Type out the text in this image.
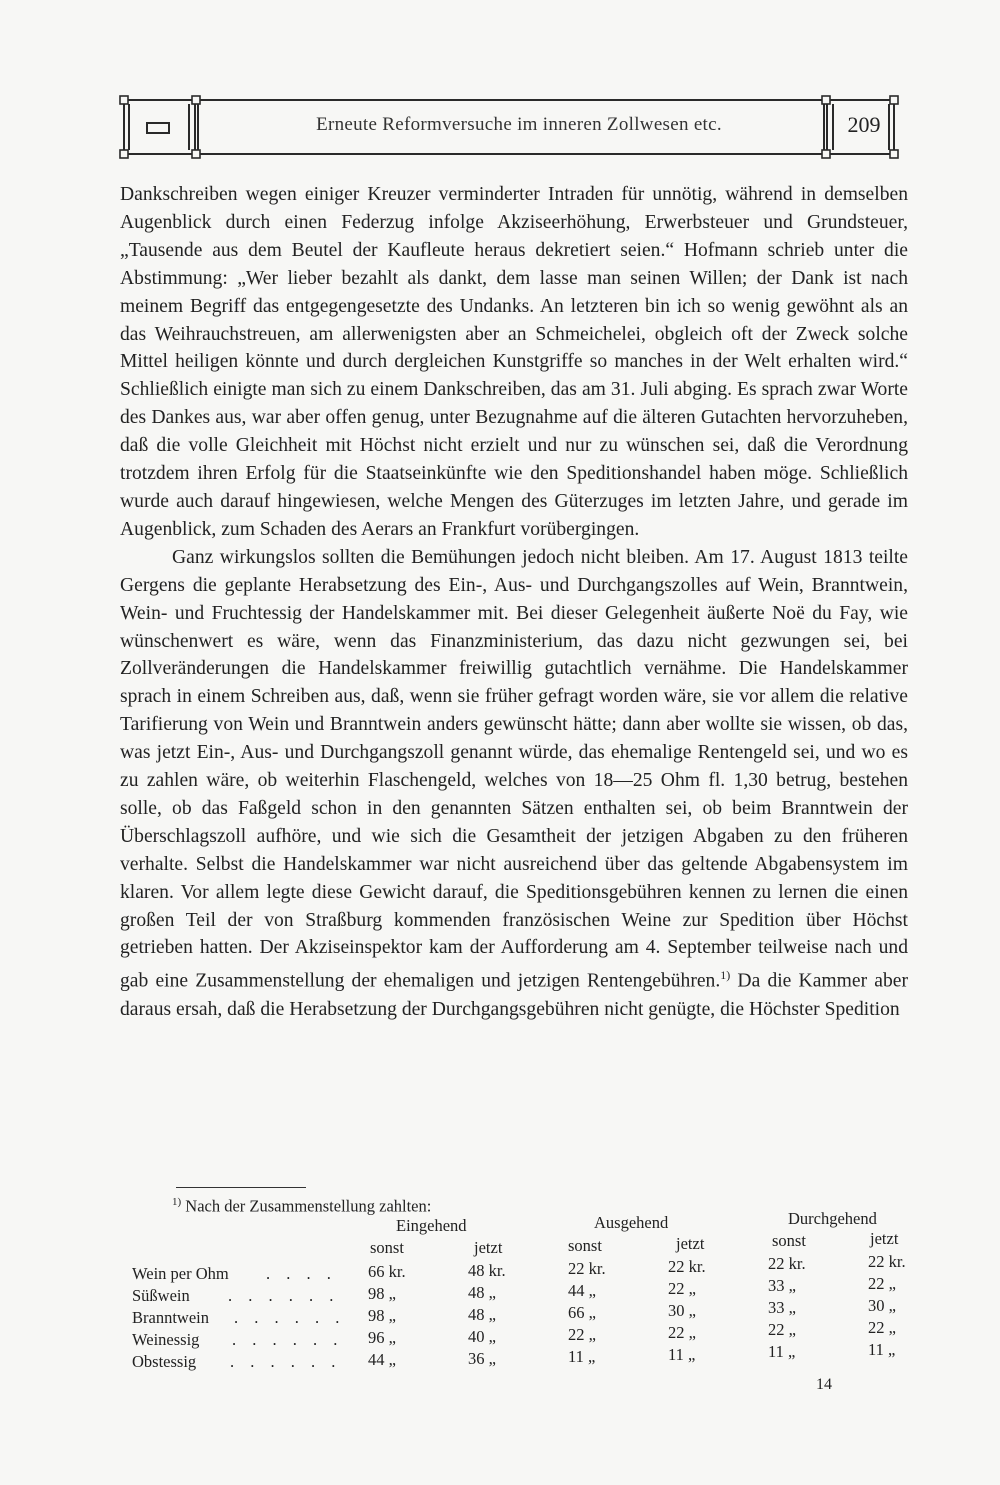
Erneute Reformversuche im inneren Zollwesen etc.	209

Dankschreiben wegen einiger Kreuzer verminderter Intraden für unnötig, während in demselben Augenblick durch einen Federzug infolge Akziseerhöhung, Erwerbsteuer und Grundsteuer, „Tausende aus dem Beutel der Kaufleute heraus dekretiert seien.“ Hofmann schrieb unter die Abstimmung: „Wer lieber bezahlt als dankt, dem lasse man seinen Willen; der Dank ist nach meinem Begriff das entgegengesetzte des Undanks. An letzteren bin ich so wenig gewöhnt als an das Weihrauchstreuen, am allerwenigsten aber an Schmeichelei, obgleich oft der Zweck solche Mittel heiligen könnte und durch dergleichen Kunstgriffe so manches in der Welt erhalten wird.“ Schließlich einigte man sich zu einem Dankschreiben, das am 31. Juli abging. Es sprach zwar Worte des Dankes aus, war aber offen genug, unter Bezugnahme auf die älteren Gutachten hervorzuheben, daß die volle Gleichheit mit Höchst nicht erzielt und nur zu wünschen sei, daß die Verordnung trotzdem ihren Erfolg für die Staatseinkünfte wie den Speditionshandel haben möge. Schließlich wurde auch darauf hingewiesen, welche Mengen des Güterzuges im letzten Jahre, und gerade im Augenblick, zum Schaden des Aerars an Frankfurt vorübergingen.

Ganz wirkungslos sollten die Bemühungen jedoch nicht bleiben. Am 17. August 1813 teilte Gergens die geplante Herabsetzung des Ein-, Aus- und Durchgangszolles auf Wein, Branntwein, Wein- und Fruchtessig der Handelskammer mit. Bei dieser Gelegenheit äußerte Noë du Fay, wie wünschenwert es wäre, wenn das Finanzministerium, das dazu nicht gezwungen sei, bei Zollveränderungen die Handelskammer freiwillig gutachtlich vernähme. Die Handelskammer sprach in einem Schreiben aus, daß, wenn sie früher gefragt worden wäre, sie vor allem die relative Tarifierung von Wein und Branntwein anders gewünscht hätte; dann aber wollte sie wissen, ob das, was jetzt Ein-, Aus- und Durchgangszoll genannt würde, das ehemalige Rentengeld sei, und wo es zu zahlen wäre, ob weiterhin Flaschengeld, welches von 18—25 Ohm fl. 1,30 betrug, bestehen solle, ob das Faßgeld schon in den genannten Sätzen enthalten sei, ob beim Branntwein der Überschlagszoll aufhöre, und wie sich die Gesamtheit der jetzigen Abgaben zu den früheren verhalte. Selbst die Handelskammer war nicht ausreichend über das geltende Abgabensystem im klaren. Vor allem legte diese Gewicht darauf, die Speditionsgebühren kennen zu lernen die einen großen Teil der von Straßburg kommenden französischen Weine zur Spedition über Höchst getrieben hatten. Der Akziseinspektor kam der Aufforderung am 4. September teilweise nach und gab eine Zusammenstellung der ehemaligen und jetzigen Rentengebühren.$^{1)}$ Da die Kammer aber daraus ersah, daß die Herabsetzung der Durchgangsgebühren nicht genügte, die Höchster Spedition

$^{1)}$ Nach der Zusammenstellung zahlten:
Eingehend	Ausgehend	Durchgehend
sonst	jetzt	sonst	jetzt	sonst	jetzt
Wein per Ohm . . . . 66 kr.	48 kr.	22 kr.	22 kr.	22 kr.	22 kr.
Süßwein . . . . . . 98 „	48 „	44 „	22 „	33 „	22 „
Branntwein . . . . . . 98 „	48 „	66 „	30 „	33 „	30 „
Weinessig . . . . . . 96 „	40 „	22 „	22 „	22 „	22 „
Obstessig . . . . . . 44 „	36 „	11 „	11 „	11 „	11 „
14
